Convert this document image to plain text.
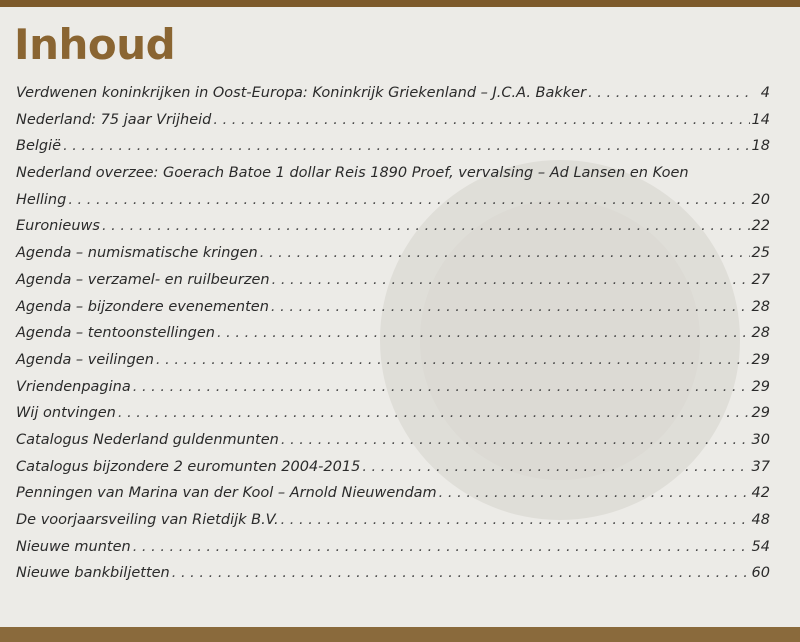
Inhoud
Verdwenen koninkrijken in Oost-Europa: Koninkrijk Griekenland – J.C.A. Bakker . . .	4
Nederland: 75 jaar Vrijheid . . .	14
België . . .	18
Nederland overzee: Goerach Batoe 1 dollar Reis 1890 Proef, vervalsing – Ad Lansen en Koen
Helling . . .	20
Euronieuws . . .	22
Agenda – numismatische kringen . . .	25
Agenda – verzamel- en ruilbeurzen . . .	27
Agenda – bijzondere evenementen . . .	28
Agenda – tentoonstellingen . . .	28
Agenda – veilingen . . .	29
Vriendenpagina . . .	29
Wij ontvingen . . .	29
Catalogus Nederland guldenmunten . . .	30
Catalogus bijzondere 2 euromunten 2004-2015 . . .	37
Penningen van Marina van der Kool – Arnold Nieuwendam . . .	42
De voorjaarsveiling van Rietdijk B.V. . . .	48
Nieuwe munten . . .	54
Nieuwe bankbiljetten . . .	60
